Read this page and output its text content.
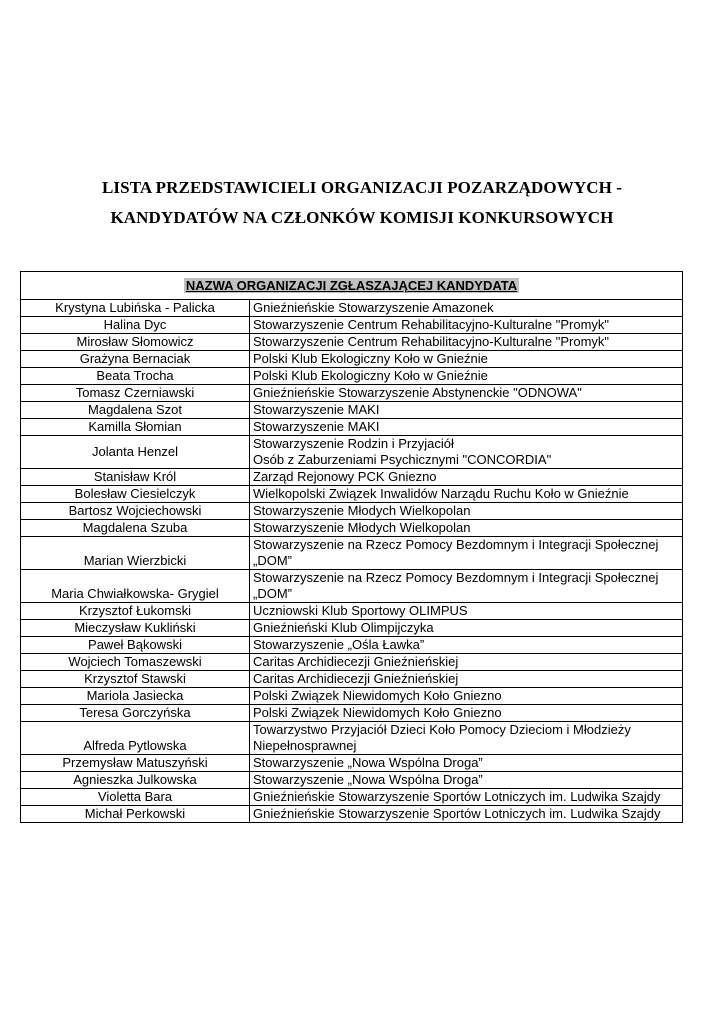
LISTA PRZEDSTAWICIELI ORGANIZACJI POZARZĄDOWYCH -
KANDYDATÓW NA CZŁONKÓW KOMISJI KONKURSOWYCH
NAZWA ORGANIZACJI ZGŁASZAJĄCEJ KANDYDATA	
Krystyna Lubińska - Palicka	Gnieźnieńskie Stowarzyszenie Amazonek

Halina Dyc	Stowarzyszenie Centrum Rehabilitacyjno-Kulturalne "Promyk"

Mirosław Słomowicz	Stowarzyszenie Centrum Rehabilitacyjno-Kulturalne "Promyk"

Grażyna Bernaciak	Polski Klub Ekologiczny Koło w Gnieźnie

Beata Trocha	Polski Klub Ekologiczny Koło w Gnieźnie

Tomasz Czerniawski	Gnieźnieńskie Stowarzyszenie Abstynenckie "ODNOWA"

Magdalena Szot	Stowarzyszenie MAKI

Kamilla Słomian	Stowarzyszenie MAKI

Jolanta Henzel	Stowarzyszenie Rodzin i Przyjaciół
Osób z Zaburzeniami Psychicznymi "CONCORDIA"

Stanisław Król	Zarząd Rejonowy PCK Gniezno

Bolesław Ciesielczyk	Wielkopolski Związek Inwalidów Narządu Ruchu Koło w Gnieźnie

Bartosz Wojciechowski	Stowarzyszenie Młodych Wielkopolan

Magdalena Szuba	Stowarzyszenie Młodych Wielkopolan

Marian Wierzbicki	Stowarzyszenie na Rzecz Pomocy Bezdomnym i Integracji Społecznej
„DOM”

Maria Chwiałkowska- Grygiel	Stowarzyszenie na Rzecz Pomocy Bezdomnym i Integracji Społecznej
„DOM”

Krzysztof Łukomski	Uczniowski Klub Sportowy OLIMPUS

Mieczysław Kukliński	Gnieźnieński Klub Olimpijczyka

Paweł Bąkowski	Stowarzyszenie „Ośla Ławka”

Wojciech Tomaszewski	Caritas Archidiecezji Gnieźnieńskiej

Krzysztof Stawski	Caritas Archidiecezji Gnieźnieńskiej

Mariola Jasiecka	Polski Związek Niewidomych Koło Gniezno

Teresa Gorczyńska	Polski Związek Niewidomych Koło Gniezno

Alfreda Pytlowska	Towarzystwo Przyjaciół Dzieci Koło Pomocy Dzieciom i Młodzieży
Niepełnosprawnej

Przemysław Matuszyński	Stowarzyszenie „Nowa Wspólna Droga”

Agnieszka Julkowska	Stowarzyszenie „Nowa Wspólna Droga”

Violetta Bara	Gnieźnieńskie Stowarzyszenie Sportów Lotniczych im. Ludwika Szajdy

Michał Perkowski	Gnieźnieńskie Stowarzyszenie Sportów Lotniczych im. Ludwika Szajdy
